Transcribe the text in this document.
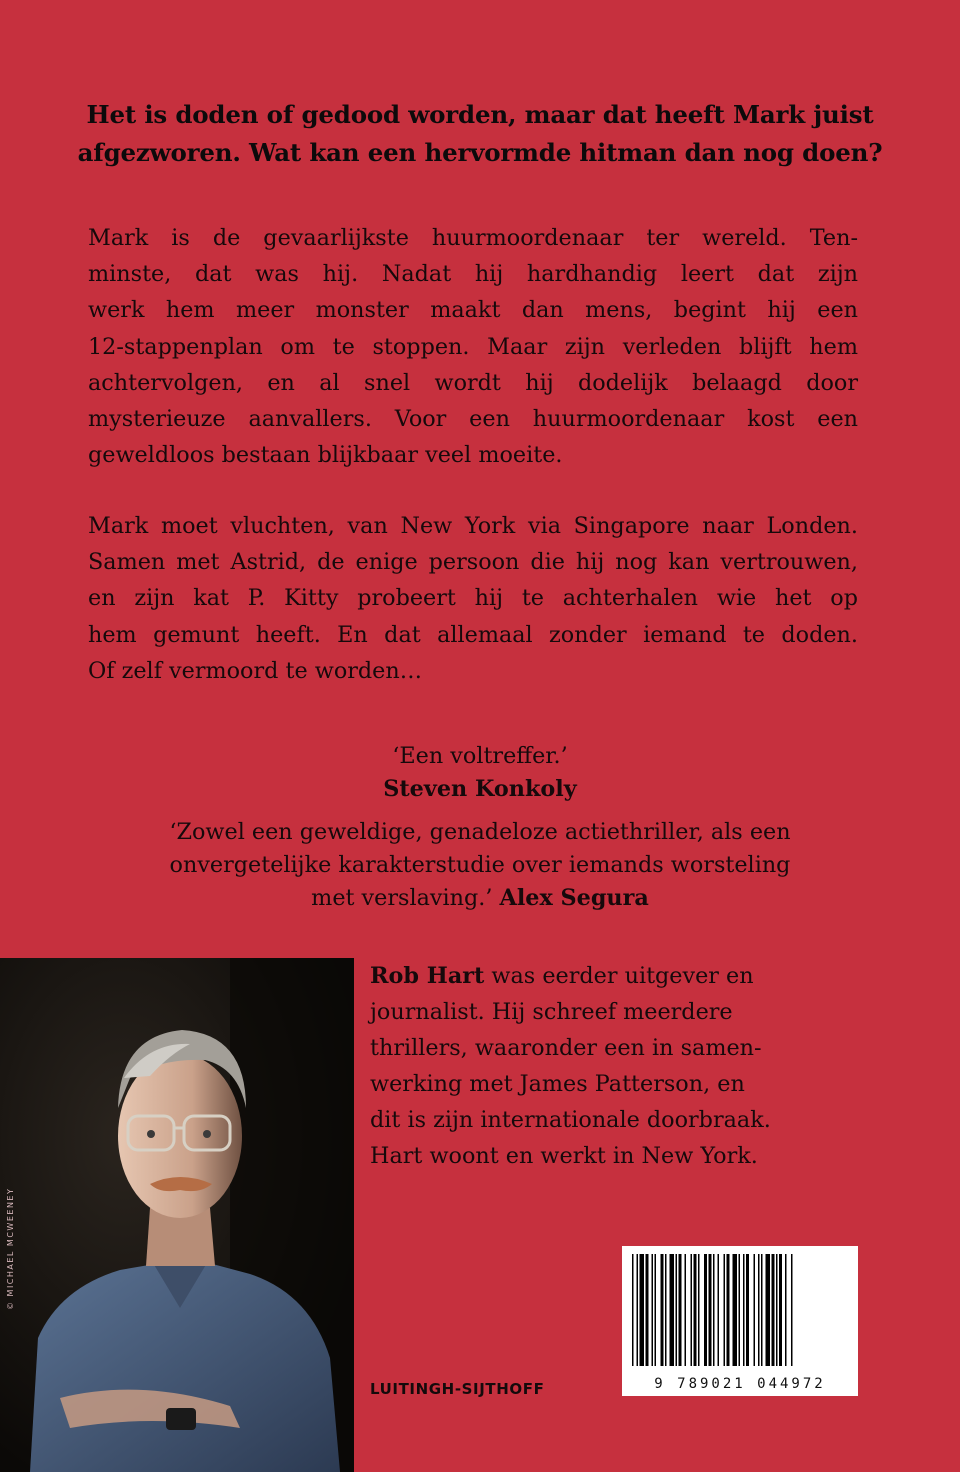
Het is doden of gedood worden, maar dat heeft Mark juist
afgezworen. Wat kan een hervormde hitman dan nog doen?
Mark is de gevaarlijkste huurmoordenaar ter wereld. Ten-
minste, dat was hij. Nadat hij hardhandig leert dat zijn
werk hem meer monster maakt dan mens, begint hij een
12-stappenplan om te stoppen. Maar zijn verleden blijft hem
achtervolgen, en al snel wordt hij dodelijk belaagd door
mysterieuze aanvallers. Voor een huurmoordenaar kost een
geweldloos bestaan blijkbaar veel moeite.
Mark moet vluchten, van New York via Singapore naar Londen.
Samen met Astrid, de enige persoon die hij nog kan vertrouwen,
en zijn kat P. Kitty probeert hij te achterhalen wie het op
hem gemunt heeft. En dat allemaal zonder iemand te doden.
Of zelf vermoord te worden…
‘Een voltreffer.’
Steven Konkoly
‘Zowel een geweldige, genadeloze actiethriller, als een
onvergetelijke karakterstudie over iemands worsteling
met verslaving.’ Alex Segura
© MICHAEL MCWEENEY
Rob Hart was eerder uitgever en
journalist. Hij schreef meerdere
thrillers, waaronder een in samen-
werking met James Patterson, en
dit is zijn internationale doorbraak.
Hart woont en werkt in New York.
LUITINGH-SIJTHOFF	9 789021 044972
